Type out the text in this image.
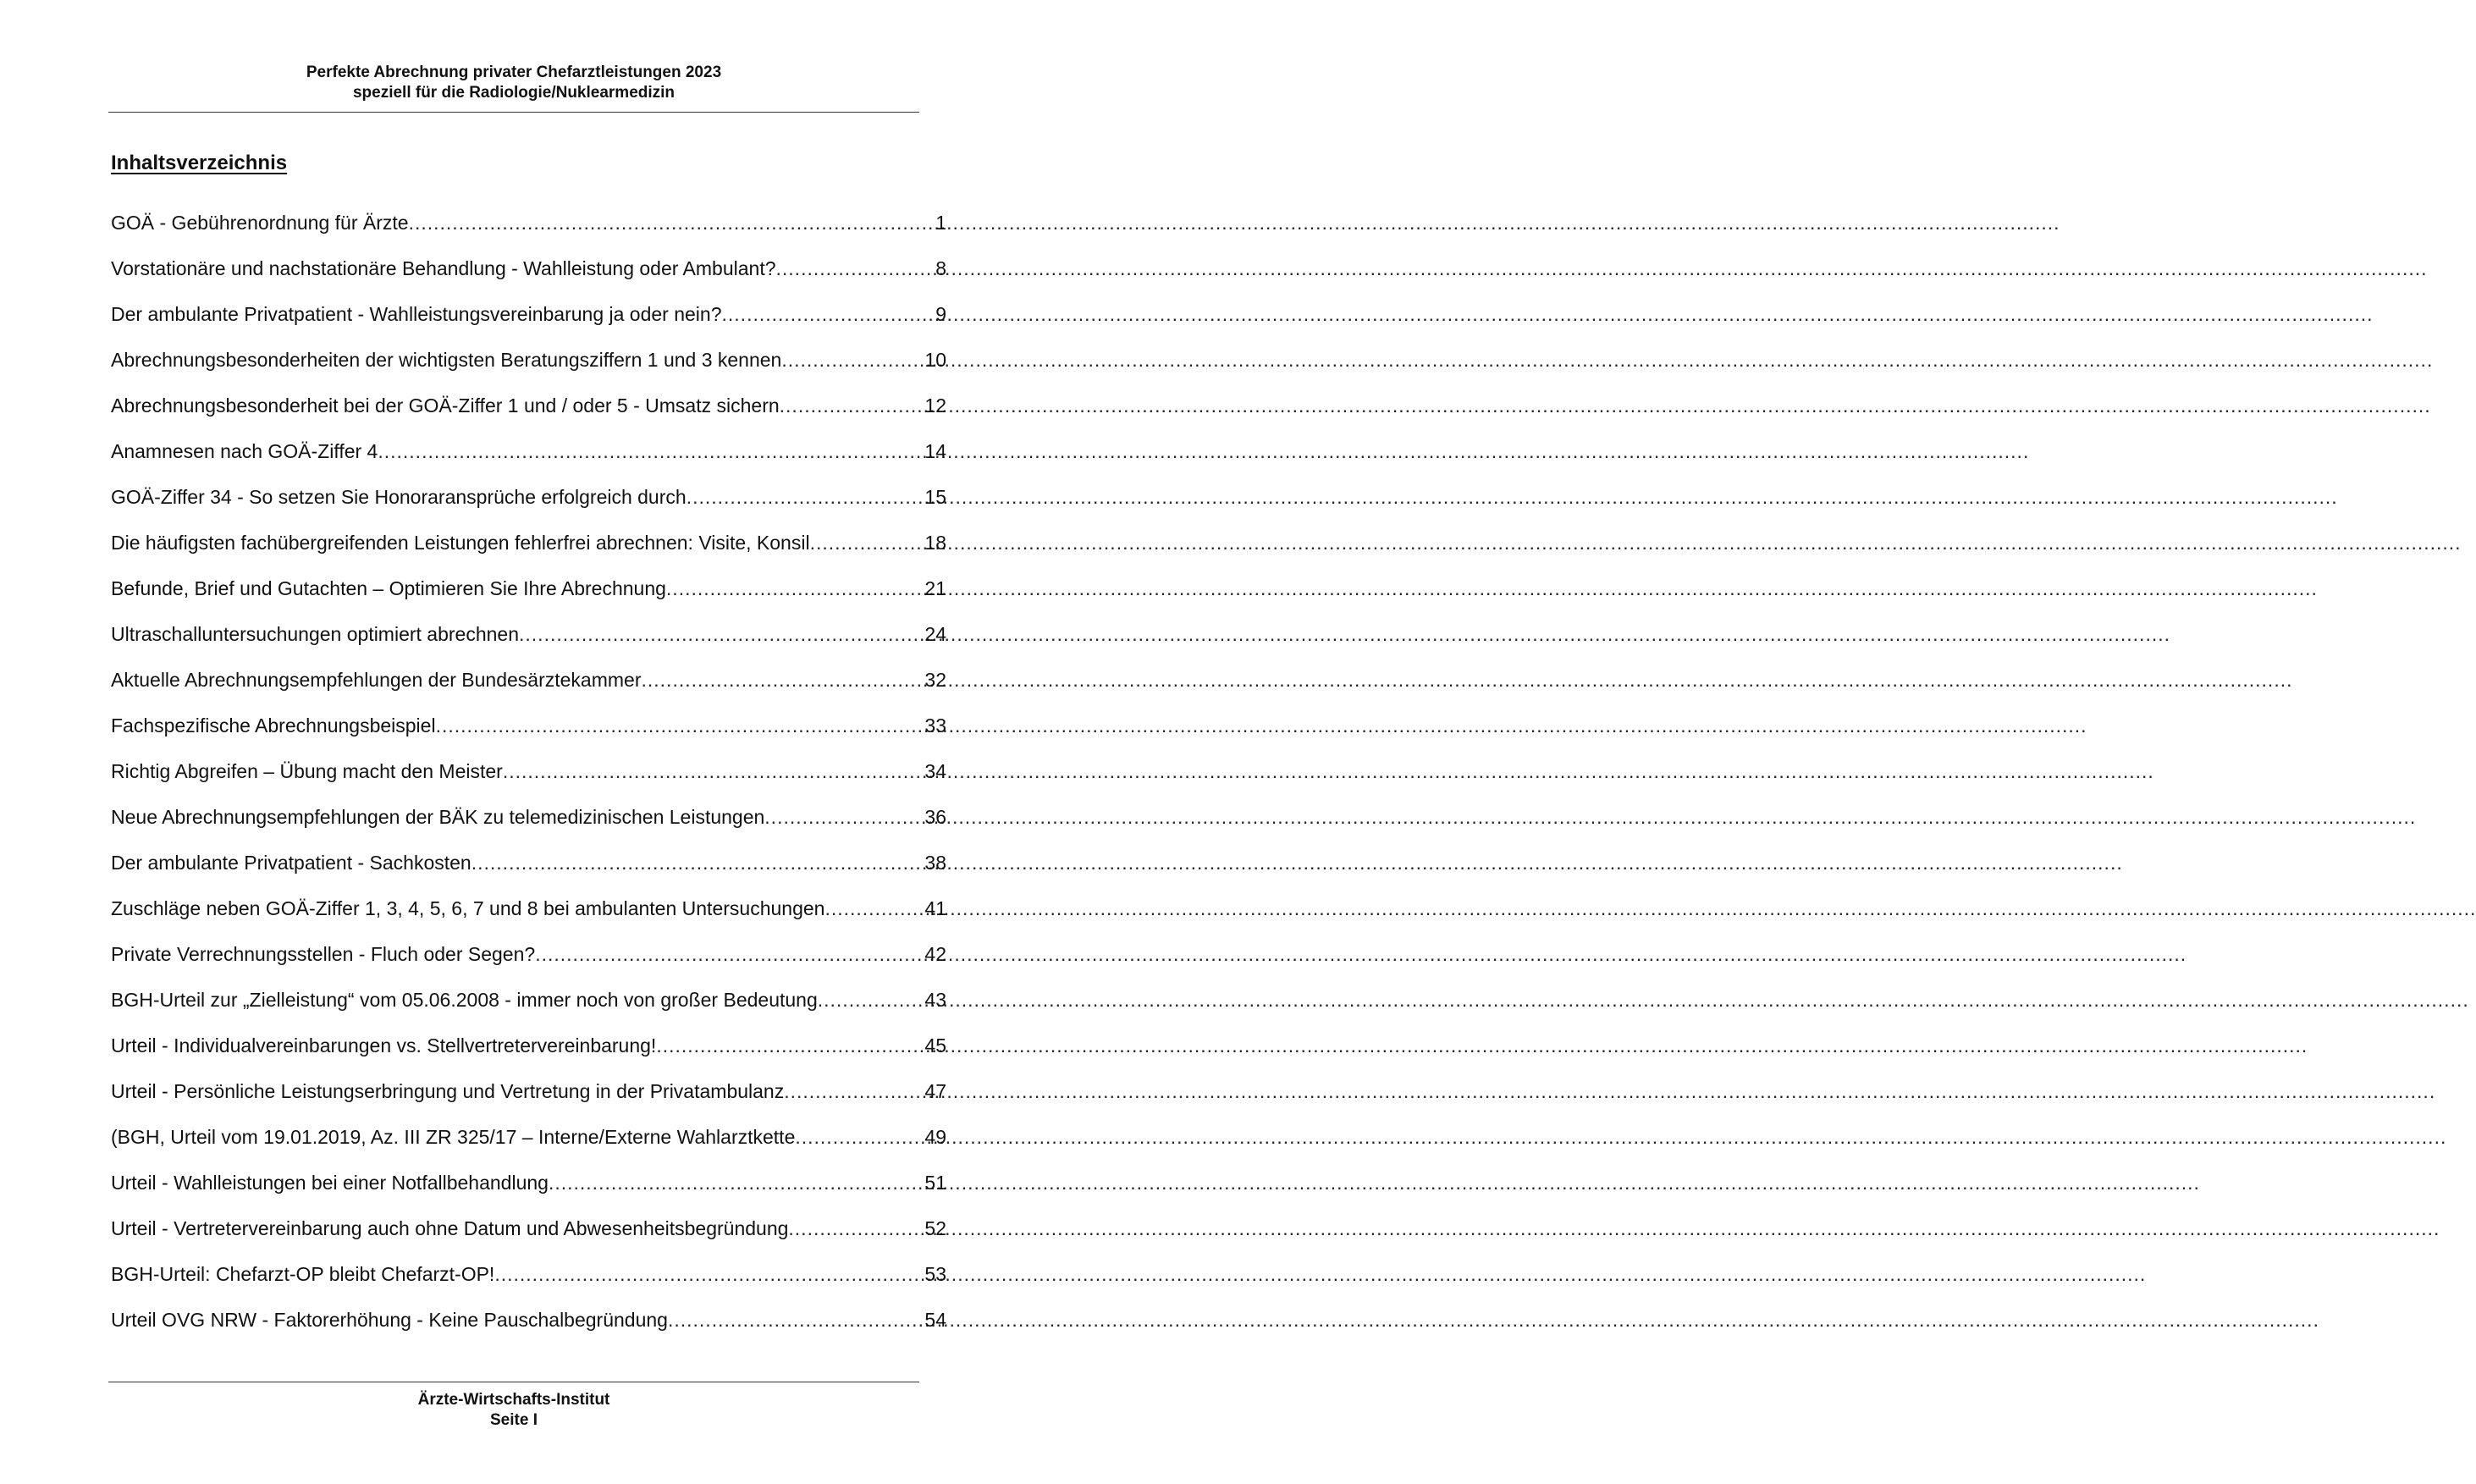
Perfekte Abrechnung privater Chefarztleistungen 2023
speziell für die Radiologie/Nuklearmedizin
Inhaltsverzeichnis
GOÄ - Gebührenordnung für Ärzte .....	1
Vorstationäre und nachstationäre Behandlung - Wahlleistung oder Ambulant? .....	8
Der ambulante Privatpatient - Wahlleistungsvereinbarung ja oder nein? .....	9
Abrechnungsbesonderheiten der wichtigsten Beratungsziffern 1 und 3 kennen .....	10
Abrechnungsbesonderheit bei der GOÄ-Ziffer 1 und / oder 5 - Umsatz sichern .....	12
Anamnesen nach GOÄ-Ziffer 4 .....	14
GOÄ-Ziffer 34 - So setzen Sie Honoraransprüche erfolgreich durch .....	15
Die häufigsten fachübergreifenden Leistungen fehlerfrei abrechnen: Visite, Konsil .....	18
Befunde, Brief und Gutachten – Optimieren Sie Ihre Abrechnung .....	21
Ultraschalluntersuchungen optimiert abrechnen .....	24
Aktuelle Abrechnungsempfehlungen der Bundesärztekammer .....	32
Fachspezifische Abrechnungsbeispiel .....	33
Richtig Abgreifen – Übung macht den Meister .....	34
Neue Abrechnungsempfehlungen der BÄK zu telemedizinischen Leistungen .....	36
Der ambulante Privatpatient - Sachkosten .....	38
Zuschläge neben GOÄ-Ziffer 1, 3, 4, 5, 6, 7 und 8 bei ambulanten Untersuchungen .....	41
Private Verrechnungsstellen - Fluch oder Segen? .....	42
BGH-Urteil zur „Zielleistung“ vom 05.06.2008 - immer noch von großer Bedeutung .....	43
Urteil - Individualvereinbarungen vs. Stellvertretervereinbarung! .....	45
Urteil - Persönliche Leistungserbringung und Vertretung in der Privatambulanz .....	47
(BGH, Urteil vom 19.01.2019, Az. III ZR 325/17 – Interne/Externe Wahlarztkette .....	49
Urteil - Wahlleistungen bei einer Notfallbehandlung .....	51
Urteil - Vertretervereinbarung auch ohne Datum und Abwesenheitsbegründung .....	52
BGH-Urteil: Chefarzt-OP bleibt Chefarzt-OP! .....	53
Urteil OVG NRW - Faktorerhöhung - Keine Pauschalbegründung .....	54
Ärzte-Wirtschafts-Institut
Seite I
